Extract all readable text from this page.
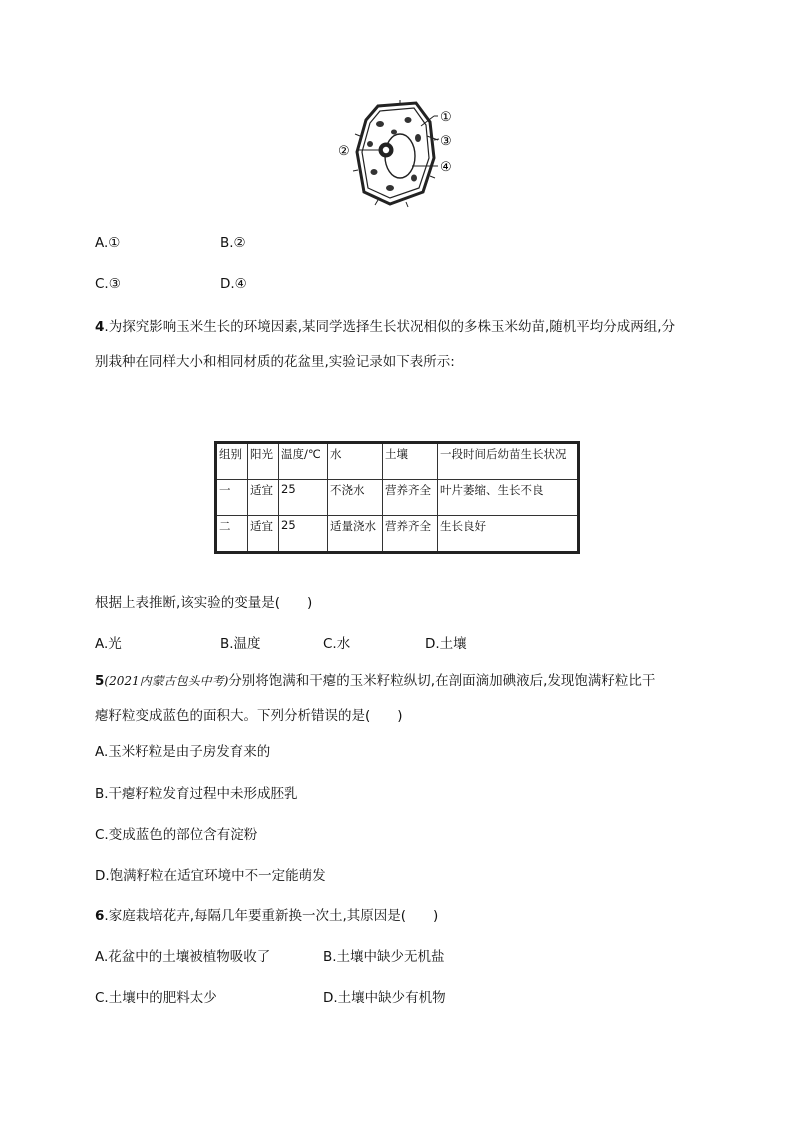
①
②
③
④
A.①	B.②
C.③	D.④
4.为探究影响玉米生长的环境因素,某同学选择生长状况相似的多株玉米幼苗,随机平均分成两组,分
别栽种在同样大小和相同材质的花盆里,实验记录如下表所示:
组别	阳光	温度/℃	水	土壤	一段时间后幼苗生长状况
一	适宜	25	不浇水	营养齐全	叶片萎缩、生长不良
二	适宜	25	适量浇水	营养齐全	生长良好
根据上表推断,该实验的变量是(　　)
A.光	B.温度	C.水	D.土壤
5(2021内蒙古包头中考)分别将饱满和干瘪的玉米籽粒纵切,在剖面滴加碘液后,发现饱满籽粒比干
瘪籽粒变成蓝色的面积大。下列分析错误的是(　　)
A.玉米籽粒是由子房发育来的
B.干瘪籽粒发育过程中未形成胚乳
C.变成蓝色的部位含有淀粉
D.饱满籽粒在适宜环境中不一定能萌发
6.家庭栽培花卉,每隔几年要重新换一次土,其原因是(　　)
A.花盆中的土壤被植物吸收了	B.土壤中缺少无机盐
C.土壤中的肥料太少	D.土壤中缺少有机物
